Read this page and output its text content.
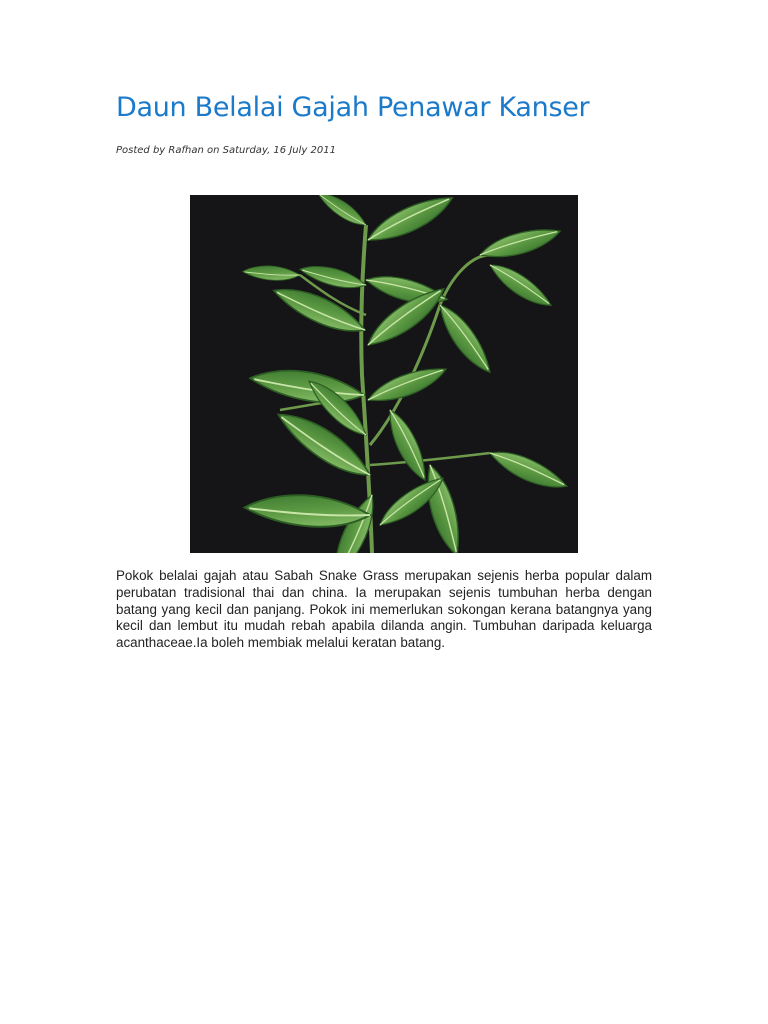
Daun Belalai Gajah Penawar Kanser
Posted by Rafhan on Saturday, 16 July 2011

Pokok belalai gajah atau Sabah Snake Grass merupakan sejenis herba popular dalam perubatan tradisional thai dan china. Ia merupakan sejenis tumbuhan herba dengan batang yang kecil dan panjang. Pokok ini memerlukan sokongan kerana batangnya yang kecil dan lembut itu mudah rebah apabila dilanda angin. Tumbuhan daripada keluarga acanthaceae.Ia boleh membiak melalui keratan batang.
